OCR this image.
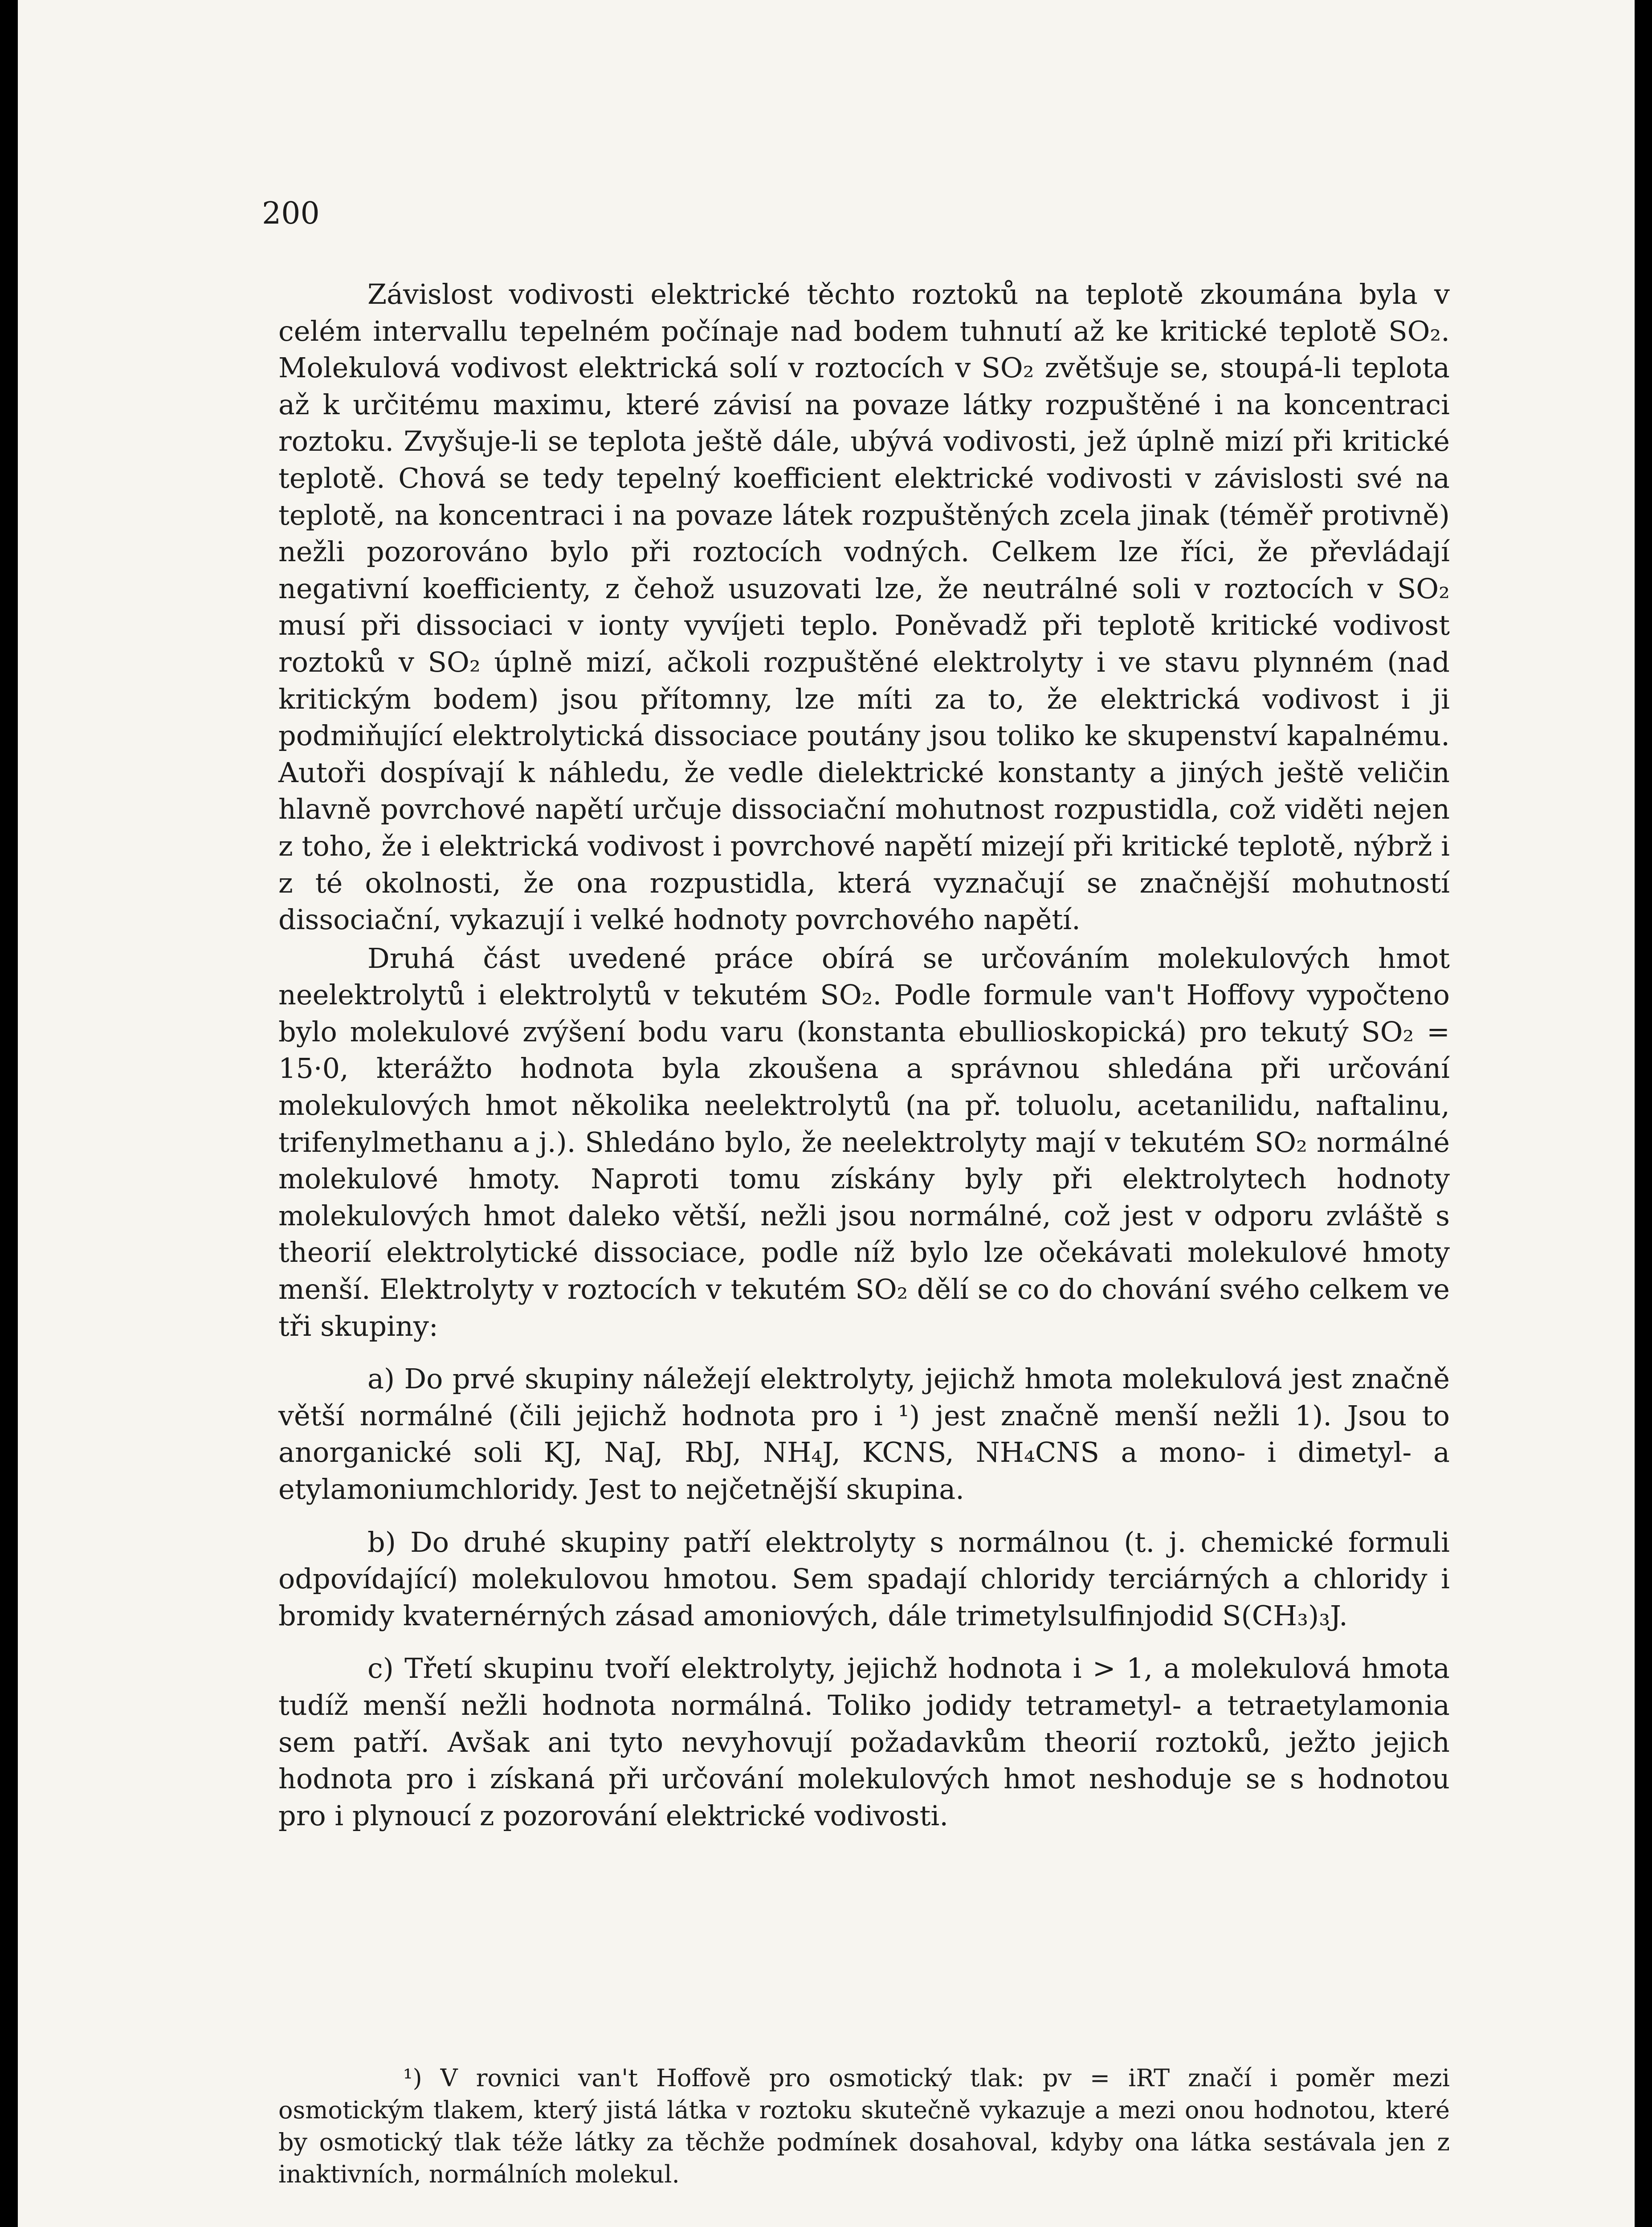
200

Závislost vodivosti elektrické těchto roztoků na teplotě zkoumána byla v celém intervallu tepelném počínaje nad bodem tuhnutí až ke kritické teplotě SO₂. Molekulová vodivost elektrická solí v roztocích v SO₂ zvětšuje se, stoupá-li teplota až k určitému maximu, které závisí na povaze látky rozpuštěné i na koncentraci roztoku. Zvyšuje-li se teplota ještě dále, ubývá vodivosti, jež úplně mizí při kritické teplotě. Chová se tedy tepelný koefficient elektrické vodivosti v závislosti své na teplotě, na koncentraci i na povaze látek rozpuštěných zcela jinak (téměř protivně) nežli pozorováno bylo při roztocích vodných. Celkem lze říci, že převládají negativní koefficienty, z čehož usuzovati lze, že neutrálné soli v roztocích v SO₂ musí při dissociaci v ionty vyvíjeti teplo. Poněvadž při teplotě kritické vodivost roztoků v SO₂ úplně mizí, ačkoli rozpuštěné elektrolyty i ve stavu plynném (nad kritickým bodem) jsou přítomny, lze míti za to, že elektrická vodivost i ji podmiňující elektrolytická dissociace poutány jsou toliko ke skupenství kapalnému. Autoři dospívají k náhledu, že vedle dielektrické konstanty a jiných ještě veličin hlavně povrchové napětí určuje dissociační mohutnost rozpustidla, což viděti nejen z toho, že i elektrická vodivost i povrchové napětí mizejí při kritické teplotě, nýbrž i z té okolnosti, že ona rozpustidla, která vyznačují se značnější mohutností dissociační, vykazují i velké hodnoty povrchového napětí.

Druhá část uvedené práce obírá se určováním molekulových hmot neelektrolytů i elektrolytů v tekutém SO₂. Podle formule van't Hoffovy vypočteno bylo molekulové zvýšení bodu varu (konstanta ebullioskopická) pro tekutý SO₂ = 15·0, kterážto hodnota byla zkoušena a správnou shledána při určování molekulových hmot několika neelektrolytů (na př. toluolu, acetanilidu, naftalinu, trifenylmethanu a j.). Shledáno bylo, že neelektrolyty mají v tekutém SO₂ normálné molekulové hmoty. Naproti tomu získány byly při elektrolytech hodnoty molekulových hmot daleko větší, nežli jsou normálné, což jest v odporu zvláště s theorií elektrolytické dissociace, podle níž bylo lze očekávati molekulové hmoty menší. Elektrolyty v roztocích v tekutém SO₂ dělí se co do chování svého celkem ve tři skupiny:

a) Do prvé skupiny náležejí elektrolyty, jejichž hmota molekulová jest značně větší normálné (čili jejichž hodnota pro i ¹) jest značně menší nežli 1). Jsou to anorganické soli KJ, NaJ, RbJ, NH₄J, KCNS, NH₄CNS a mono- i dimetyl- a etylamoniumchloridy. Jest to nejčetnější skupina.

b) Do druhé skupiny patří elektrolyty s normálnou (t. j. chemické formuli odpovídající) molekulovou hmotou. Sem spadají chloridy terciárných a chloridy i bromidy kvaternérných zásad amoniových, dále trimetylsulfinjodid S(CH₃)₃J.

c) Třetí skupinu tvoří elektrolyty, jejichž hodnota i > 1, a molekulová hmota tudíž menší nežli hodnota normálná. Toliko jodidy tetrametyl- a tetraetylamonia sem patří. Avšak ani tyto nevyhovují požadavkům theorií roztoků, ježto jejich hodnota pro i získaná při určování molekulových hmot neshoduje se s hodnotou pro i plynoucí z pozorování elektrické vodivosti.

¹) V rovnici van't Hoffově pro osmotický tlak: pv = iRT značí i poměr mezi osmotickým tlakem, který jistá látka v roztoku skutečně vykazuje a mezi onou hodnotou, které by osmotický tlak téže látky za těchže podmínek dosahoval, kdyby ona látka sestávala jen z inaktivních, normálních molekul.
